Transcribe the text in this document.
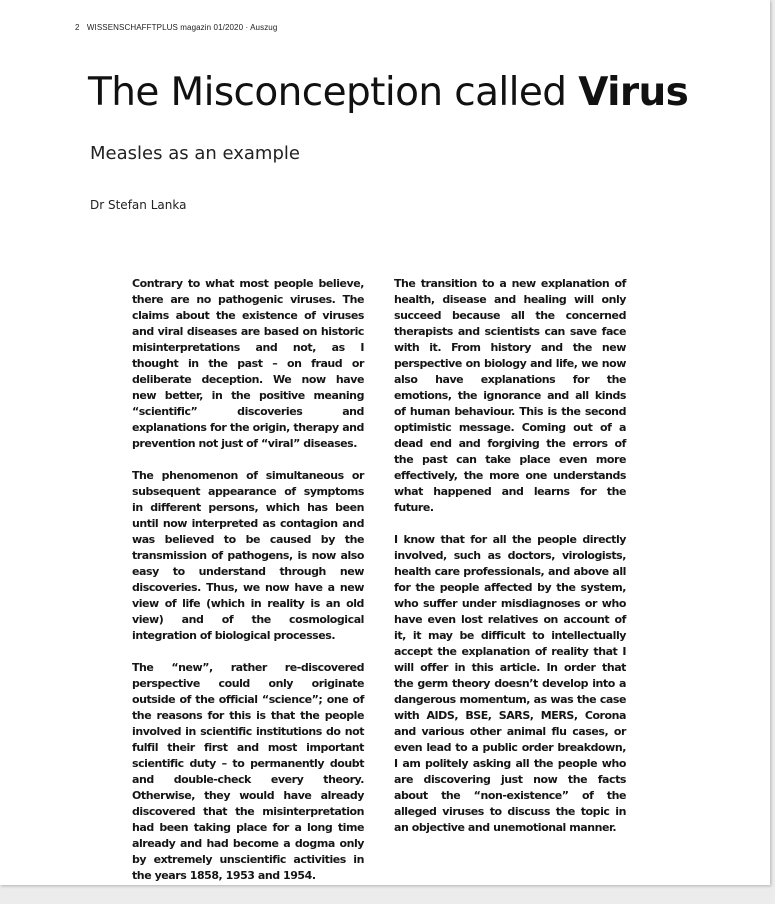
2 WISSENSCHAFFTPLUS magazin 01/2020 · Auszug
The Misconception called Virus
Measles as an example
Dr Stefan Lanka

Contrary to what most people believe, there are no pathogenic viruses. The claims about the existence of viruses and viral diseases are based on historic misinterpretations and not, as I thought in the past – on fraud or deliberate deception. We now have new better, in the positive meaning “scientific” discoveries and explanations for the origin, therapy and prevention not just of “viral” diseases.

The phenomenon of simultaneous or subsequent appearance of symptoms in different persons, which has been until now interpreted as contagion and was believed to be caused by the transmission of pathogens, is now also easy to understand through new discoveries. Thus, we now have a new view of life (which in reality is an old view) and of the cosmological integration of biological processes.

The “new”, rather re-discovered perspective could only originate outside of the official “science”; one of the reasons for this is that the people involved in scientific institutions do not fulfil their first and most important scientific duty – to permanently doubt and double-check every theory. Otherwise, they would have already discovered that the misinterpretation had been taking place for a long time already and had become a dogma only by extremely unscientific activities in the years 1858, 1953 and 1954.

The transition to a new explanation of health, disease and healing will only succeed because all the concerned therapists and scientists can save face with it. From history and the new perspective on biology and life, we now also have explanations for the emotions, the ignorance and all kinds of human behaviour. This is the second optimistic message. Coming out of a dead end and forgiving the errors of the past can take place even more effectively, the more one understands what happened and learns for the future.

I know that for all the people directly involved, such as doctors, virologists, health care professionals, and above all for the people affected by the system, who suffer under misdiagnoses or who have even lost relatives on account of it, it may be difficult to intellectually accept the explanation of reality that I will offer in this article. In order that the germ theory doesn’t develop into a dangerous momentum, as was the case with AIDS, BSE, SARS, MERS, Corona and various other animal flu cases, or even lead to a public order breakdown, I am politely asking all the people who are discovering just now the facts about the “non-existence” of the alleged viruses to discuss the topic in an objective and unemotional manner.
